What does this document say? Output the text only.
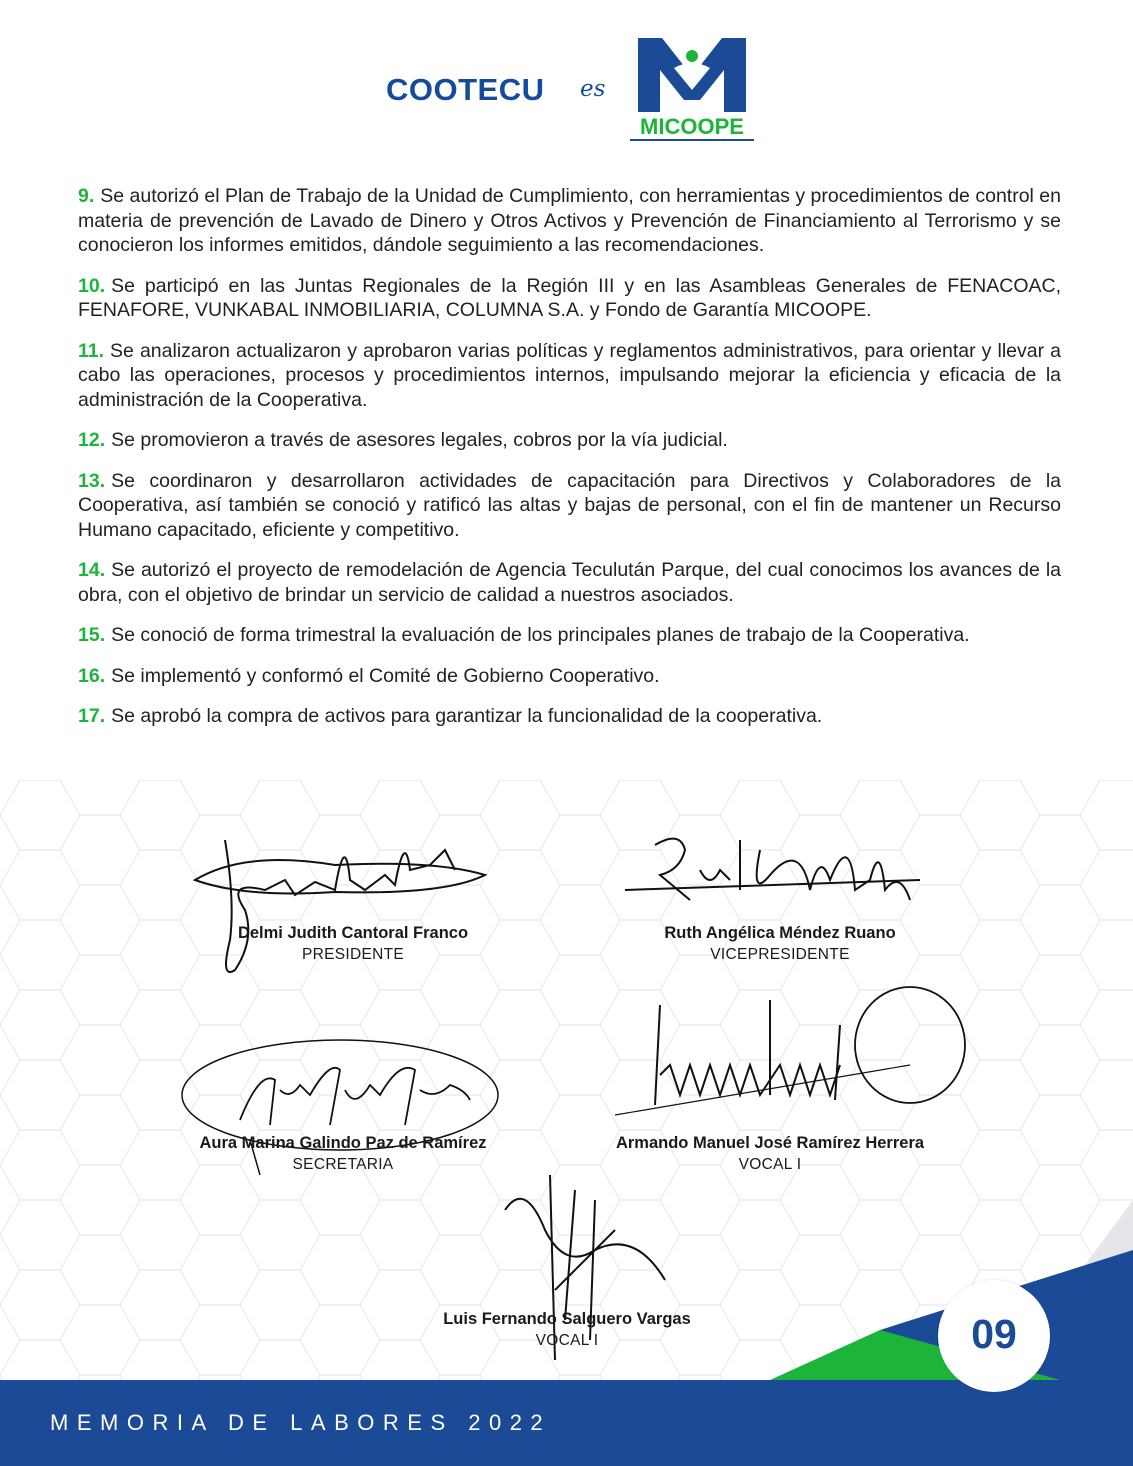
COOTECU es
MICOOPE

9. Se autorizó el Plan de Trabajo de la Unidad de Cumplimiento, con herramientas y procedimientos de control en materia de prevención de Lavado de Dinero y Otros Activos y Prevención de Financiamiento al Terrorismo y se conocieron los informes emitidos, dándole seguimiento a las recomendaciones.

10. Se participó en las Juntas Regionales de la Región III y en las Asambleas Generales de FENACOAC, FENAFORE, VUNKABAL INMOBILIARIA, COLUMNA S.A. y Fondo de Garantía MICOOPE.

11. Se analizaron actualizaron y aprobaron varias políticas y reglamentos administrativos, para orientar y llevar a cabo las operaciones, procesos y procedimientos internos, impulsando mejorar la eficiencia y eficacia de la administración de la Cooperativa.

12. Se promovieron a través de asesores legales, cobros por la vía judicial.

13. Se coordinaron y desarrollaron actividades de capacitación para Directivos y Colaboradores de la Cooperativa, así también se conoció y ratificó las altas y bajas de personal, con el fin de mantener un Recurso Humano capacitado, eficiente y competitivo.

14. Se autorizó el proyecto de remodelación de Agencia Teculután Parque, del cual conocimos los avances de la obra, con el objetivo de brindar un servicio de calidad a nuestros asociados.

15. Se conoció de forma trimestral la evaluación de los principales planes de trabajo de la Cooperativa.

16. Se implementó y conformó el Comité de Gobierno Cooperativo.

17. Se aprobó la compra de activos para garantizar la funcionalidad de la cooperativa.

Delmi Judith Cantoral Franco
PRESIDENTE
Ruth Angélica Méndez Ruano
VICEPRESIDENTE
Aura Marina Galindo Paz de Ramírez
SECRETARIA
Armando Manuel José Ramírez Herrera
VOCAL I
Luis Fernando Salguero Vargas
VOCAL I
MEMORIA DE LABORES 2022
09
